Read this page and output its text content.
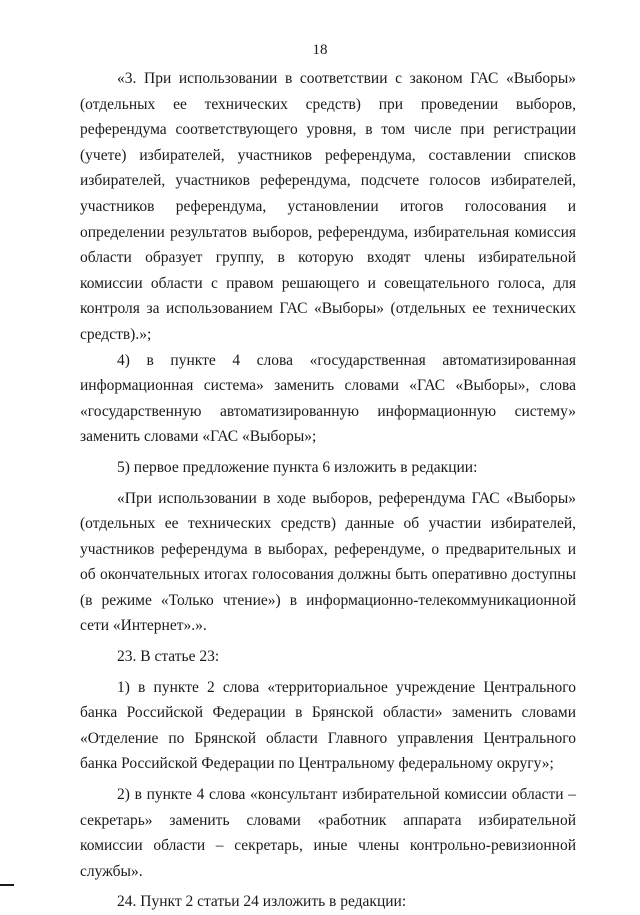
18

«3. При использовании в соответствии с законом ГАС «Выборы» (отдельных ее технических средств) при проведении выборов, референдума соответствующего уровня, в том числе при регистрации (учете) избирателей, участников референдума, составлении списков избирателей, участников референдума, подсчете голосов избирателей, участников референдума, установлении итогов голосования и определении результатов выборов, референдума, избирательная комиссия области образует группу, в которую входят члены избирательной комиссии области с правом решающего и совещательного голоса, для контроля за использованием ГАС «Выборы» (отдельных ее технических средств).»;

4) в пункте 4 слова «государственная автоматизированная информационная система» заменить словами «ГАС «Выборы», слова «государственную автоматизированную информационную систему» заменить словами «ГАС «Выборы»;

5) первое предложение пункта 6 изложить в редакции:

«При использовании в ходе выборов, референдума ГАС «Выборы» (отдельных ее технических средств) данные об участии избирателей, участников референдума в выборах, референдуме, о предварительных и об окончательных итогах голосования должны быть оперативно доступны (в режиме «Только чтение») в информационно-телекоммуникационной сети «Интернет».».

23. В статье 23:

1) в пункте 2 слова «территориальное учреждение Центрального банка Российской Федерации в Брянской области» заменить словами «Отделение по Брянской области Главного управления Центрального банка Российской Федерации по Центральному федеральному округу»;

2) в пункте 4 слова «консультант избирательной комиссии области – секретарь» заменить словами «работник аппарата избирательной комиссии области – секретарь, иные члены контрольно-ревизионной службы».

24. Пункт 2 статьи 24 изложить в редакции:
